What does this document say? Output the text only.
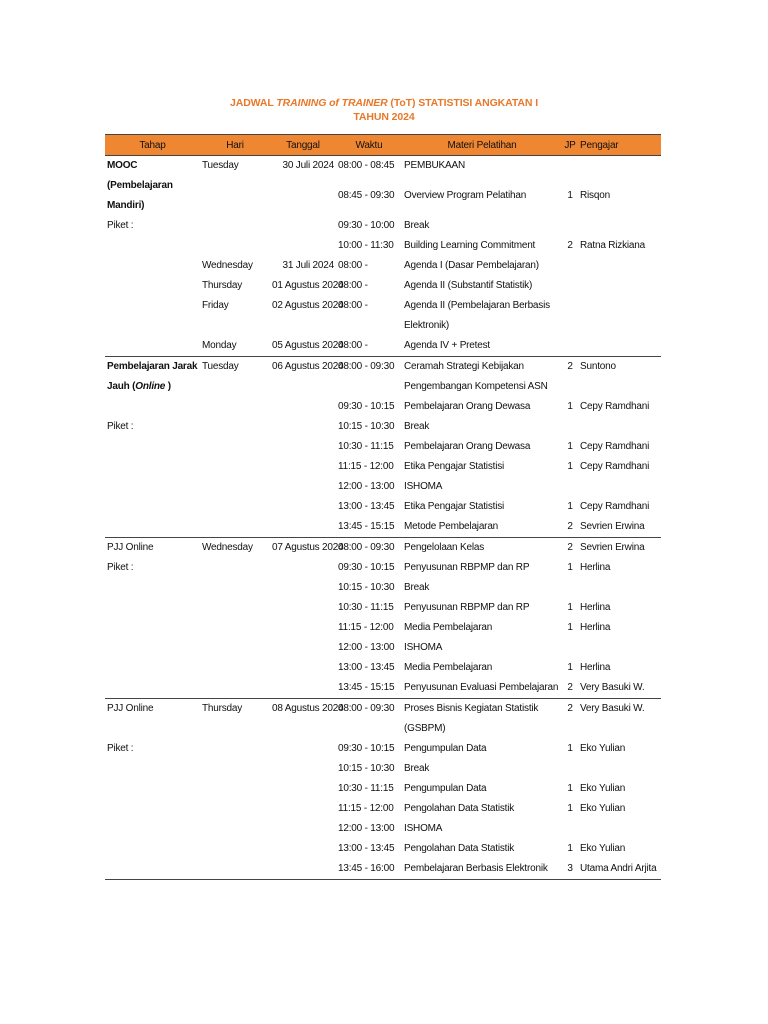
JADWAL TRAINING of TRAINER (ToT) STATISTISI ANGKATAN I
TAHUN 2024
Tahap	Hari	Tanggal	Waktu	Materi Pelatihan	JP	Pengajar
MOOC (Pembelajaran Mandiri)	Tuesday	30 Juli 2024	08:00 - 08:45	PEMBUKAAN		
			08:45 - 09:30	Overview Program Pelatihan	1	Risqon
Piket :			09:30 - 10:00	Break		
			10:00 - 11:30	Building Learning Commitment	2	Ratna Rizkiana
	Wednesday	31 Juli 2024	08:00 -	Agenda I (Dasar Pembelajaran)		
	Thursday	01 Agustus 2024	08:00 -	Agenda II (Substantif Statistik)		
	Friday	02 Agustus 2024	08:00 -	Agenda II (Pembelajaran Berbasis Elektronik)		

	Monday	05 Agustus 2024	08:00 -	Agenda IV + Pretest		
Pembelajaran Jarak Jauh (Online )	Tuesday	06 Agustus 2024	08:00 - 09:30	Ceramah Strategi Kebijakan Pengembangan Kompetensi ASN	2	Suntono

			09:30 - 10:15	Pembelajaran Orang Dewasa	1	Cepy Ramdhani
Piket :			10:15 - 10:30	Break		
			10:30 - 11:15	Pembelajaran Orang Dewasa	1	Cepy Ramdhani
			11:15 - 12:00	Etika Pengajar Statistisi	1	Cepy Ramdhani
			12:00 - 13:00	ISHOMA		
			13:00 - 13:45	Etika Pengajar Statistisi	1	Cepy Ramdhani
			13:45 - 15:15	Metode Pembelajaran	2	Sevrien Erwina
PJJ Online	Wednesday	07 Agustus 2024	08:00 - 09:30	Pengelolaan Kelas	2	Sevrien Erwina
Piket :			09:30 - 10:15	Penyusunan RBPMP dan RP	1	Herlina
			10:15 - 10:30	Break		
			10:30 - 11:15	Penyusunan RBPMP dan RP	1	Herlina
			11:15 - 12:00	Media Pembelajaran	1	Herlina
			12:00 - 13:00	ISHOMA		
			13:00 - 13:45	Media Pembelajaran	1	Herlina
			13:45 - 15:15	Penyusunan Evaluasi Pembelajaran	2	Very Basuki W.
PJJ Online	Thursday	08 Agustus 2024	08:00 - 09:30	Proses Bisnis Kegiatan Statistik (GSBPM)	2	Very Basuki W.
Piket :			09:30 - 10:15	Pengumpulan Data	1	Eko Yulian
			10:15 - 10:30	Break		
			10:30 - 11:15	Pengumpulan Data	1	Eko Yulian
			11:15 - 12:00	Pengolahan Data Statistik	1	Eko Yulian
			12:00 - 13:00	ISHOMA		
			13:00 - 13:45	Pengolahan Data Statistik	1	Eko Yulian
			13:45 - 16:00	Pembelajaran Berbasis Elektronik	3	Utama Andri Arjita
